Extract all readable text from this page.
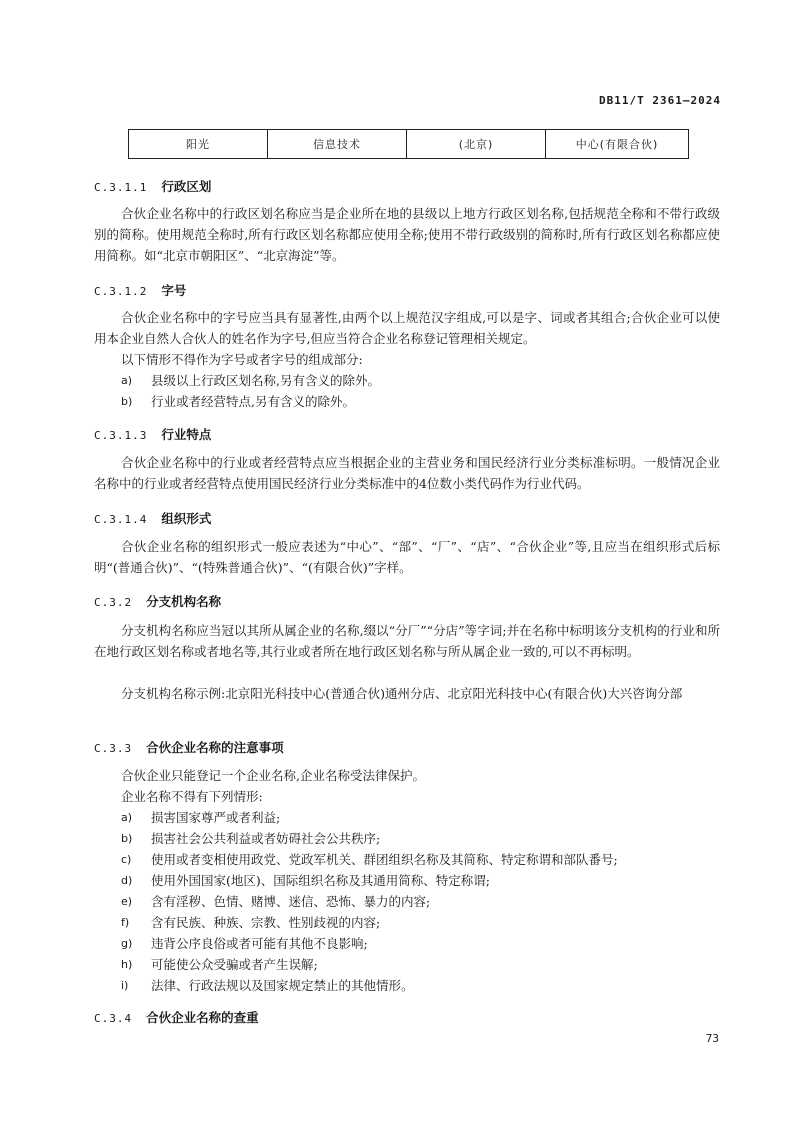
DB11/T 2361—2024
阳光	信息技术	(北京)	中心(有限合伙)
C.3.1.1 行政区划

合伙企业名称中的行政区划名称应当是企业所在地的县级以上地方行政区划名称,包括规范全称和不带行政级别的简称。使用规范全称时,所有行政区划名称都应使用全称;使用不带行政级别的简称时,所有行政区划名称都应使用简称。如“北京市朝阳区”、“北京海淀”等。

C.3.1.2 字号

合伙企业名称中的字号应当具有显著性,由两个以上规范汉字组成,可以是字、词或者其组合;合伙企业可以使用本企业自然人合伙人的姓名作为字号,但应当符合企业名称登记管理相关规定。

以下情形不得作为字号或者字号的组成部分:
a)	县级以上行政区划名称,另有含义的除外。
b)	行业或者经营特点,另有含义的除外。
C.3.1.3 行业特点

合伙企业名称中的行业或者经营特点应当根据企业的主营业务和国民经济行业分类标准标明。一般情况企业名称中的行业或者经营特点使用国民经济行业分类标准中的4位数小类代码作为行业代码。

C.3.1.4 组织形式

合伙企业名称的组织形式一般应表述为“中心”、“部”、“厂”、“店”、“合伙企业”等,且应当在组织形式后标明“(普通合伙)”、“(特殊普通合伙)”、“(有限合伙)”字样。

C.3.2 分支机构名称

分支机构名称应当冠以其所从属企业的名称,缀以“分厂”“分店”等字词;并在名称中标明该分支机构的行业和所在地行政区划名称或者地名等,其行业或者所在地行政区划名称与所从属企业一致的,可以不再标明。

分支机构名称示例:北京阳光科技中心(普通合伙)通州分店、北京阳光科技中心(有限合伙)大兴咨询分部

C.3.3 合伙企业名称的注意事项
合伙企业只能登记一个企业名称,企业名称受法律保护。
企业名称不得有下列情形:
a)	损害国家尊严或者利益;
b)	损害社会公共利益或者妨碍社会公共秩序;
c)	使用或者变相使用政党、党政军机关、群团组织名称及其简称、特定称谓和部队番号;
d)	使用外国国家(地区)、国际组织名称及其通用简称、特定称谓;
e)	含有淫秽、色情、赌博、迷信、恐怖、暴力的内容;
f)	含有民族、种族、宗教、性别歧视的内容;
g)	违背公序良俗或者可能有其他不良影响;
h)	可能使公众受骗或者产生误解;
i)	法律、行政法规以及国家规定禁止的其他情形。
C.3.4 合伙企业名称的查重
73
